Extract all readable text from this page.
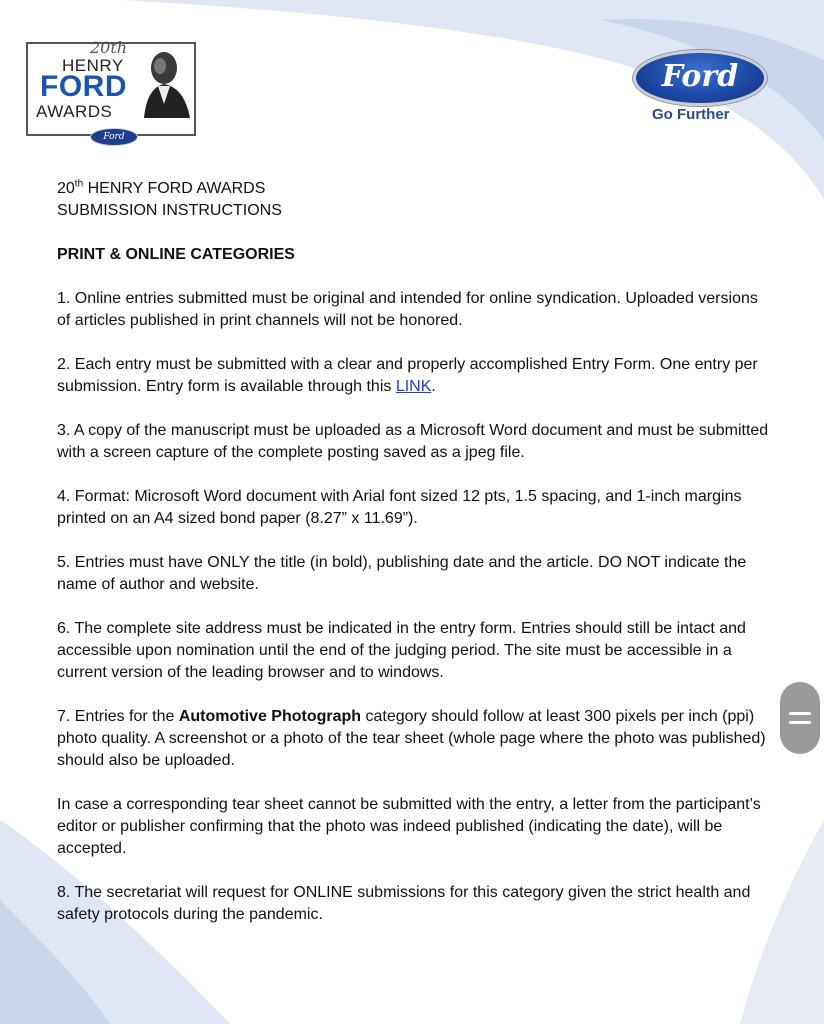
20th
HENRY
FORD
AWARDS
Ford
Ford
Go Further

20th HENRY FORD AWARDS

SUBMISSION INSTRUCTIONS

PRINT & ONLINE CATEGORIES

1. Online entries submitted must be original and intended for online syndication. Uploaded versions of articles published in print channels will not be honored.

2. Each entry must be submitted with a clear and properly accomplished Entry Form. One entry per submission. Entry form is available through this LINK.

3. A copy of the manuscript must be uploaded as a Microsoft Word document and must be submitted with a screen capture of the complete posting saved as a jpeg file.

4. Format: Microsoft Word document with Arial font sized 12 pts, 1.5 spacing, and 1-inch margins printed on an A4 sized bond paper (8.27” x 11.69”).

5. Entries must have ONLY the title (in bold), publishing date and the article. DO NOT indicate the name of author and website.

6. The complete site address must be indicated in the entry form. Entries should still be intact and accessible upon nomination until the end of the judging period. The site must be accessible in a current version of the leading browser and to windows.

7. Entries for the Automotive Photograph category should follow at least 300 pixels per inch (ppi) photo quality. A screenshot or a photo of the tear sheet (whole page where the photo was published) should also be uploaded.

In case a corresponding tear sheet cannot be submitted with the entry, a letter from the participant’s editor or publisher confirming that the photo was indeed published (indicating the date), will be accepted.

8. The secretariat will request for ONLINE submissions for this category given the strict health and safety protocols during the pandemic.
